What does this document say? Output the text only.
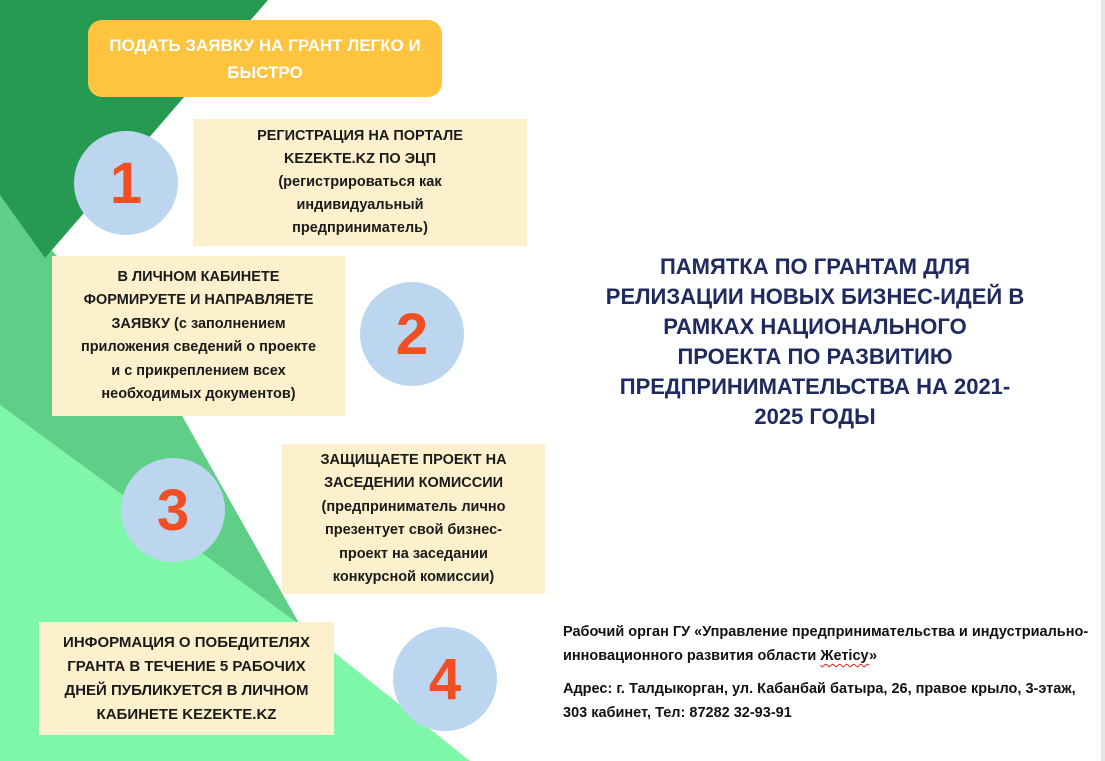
ПОДАТЬ ЗАЯВКУ НА ГРАНТ ЛЕГКО И БЫСТРО
1
РЕГИСТРАЦИЯ НА ПОРТАЛЕ
KEZEKTE.KZ ПО ЭЦП
(регистрироваться как
индивидуальный
предприниматель)
В ЛИЧНОМ КАБИНЕТЕ
ФОРМИРУЕТЕ И НАПРАВЛЯЕТЕ
ЗАЯВКУ (с заполнением
приложения сведений о проекте
и с прикреплением всех
необходимых документов)
2
3
ЗАЩИЩАЕТЕ ПРОЕКТ НА
ЗАСЕДЕНИИ КОМИССИИ
(предприниматель лично
презентует свой бизнес-
проект на заседании
конкурсной комиссии)
ИНФОРМАЦИЯ О ПОБЕДИТЕЛЯХ
ГРАНТА В ТЕЧЕНИЕ 5 РАБОЧИХ
ДНЕЙ ПУБЛИКУЕТСЯ В ЛИЧНОМ
КАБИНЕТЕ KEZEKTE.KZ
4
ПАМЯТКА ПО ГРАНТАМ ДЛЯ
РЕЛИЗАЦИИ НОВЫХ БИЗНЕС-ИДЕЙ В
РАМКАХ НАЦИОНАЛЬНОГО
ПРОЕКТА ПО РАЗВИТИЮ
ПРЕДПРИНИМАТЕЛЬСТВА НА 2021-
2025 ГОДЫ
Рабочий орган ГУ «Управление предпринимательства и индустриально-инновационного развития области Жетісу»
Адрес: г. Талдыкорган, ул. Кабанбай батыра, 26, правое крыло, 3-этаж, 303 кабинет, Тел: 87282 32-93-91
